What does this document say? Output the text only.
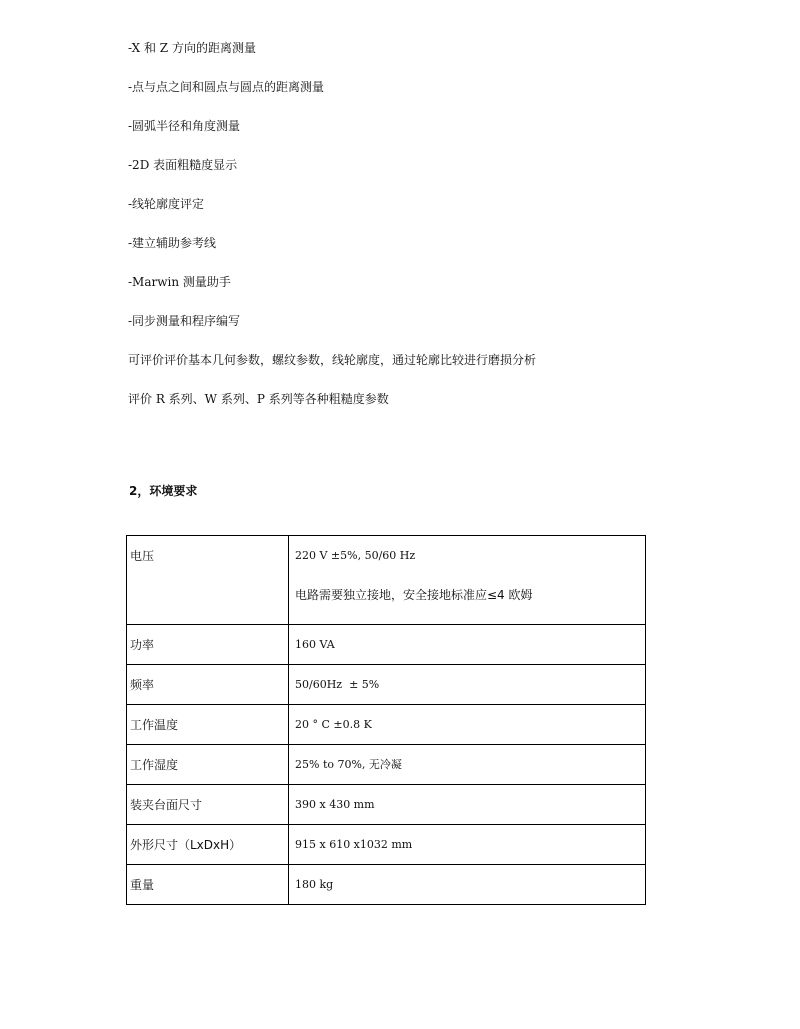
-X 和 Z 方向的距离测量
-点与点之间和圆点与圆点的距离测量
-圆弧半径和角度测量
-2D 表面粗糙度显示
-线轮廓度评定
-建立辅助参考线
-Marwin 测量助手
-同步测量和程序编写
可评价评价基本几何参数，螺纹参数，线轮廓度，通过轮廓比较进行磨损分析
评价 R 系列、W 系列、P 系列等各种粗糙度参数
2，环境要求
电压	220 V ±5%, 50/60 Hz
电路需要独立接地，安全接地标准应≤4 欧姆

功率	160 VA
频率	50/60Hz  ± 5%
工作温度	20 ° C ±0.8 K
工作湿度	25% to 70%, 无冷凝
装夹台面尺寸	390 x 430 mm
外形尺寸（LxDxH）	915 x 610 x1032 mm
重量	180 kg
